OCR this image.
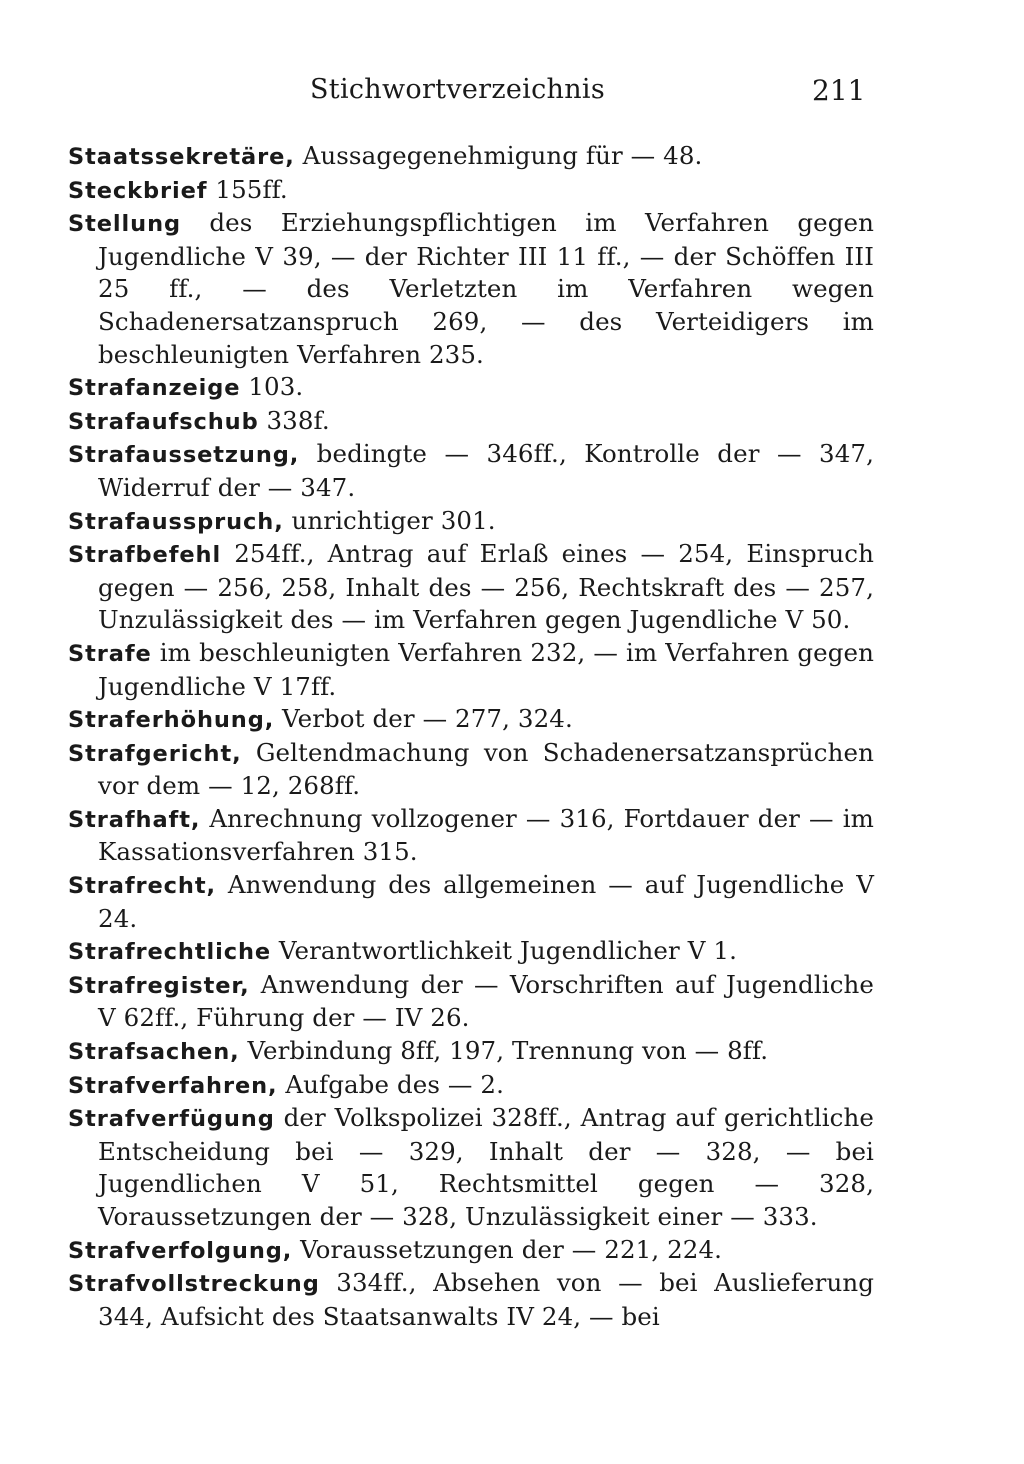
Stichwortverzeichnis	211

Staatssekretäre, Aussagegenehmigung für — 48.

Steckbrief 155ff.

Stellung des Erziehungspflichtigen im Verfahren gegen Jugendliche V 39, — der Richter III 11 ff., — der Schöffen III 25 ff., — des Verletzten im Verfahren wegen Schadenersatzanspruch 269, — des Verteidigers im beschleunigten Verfahren 235.

Strafanzeige 103.

Strafaufschub 338f.

Strafaussetzung, bedingte — 346ff., Kontrolle der — 347, Widerruf der — 347.

Strafausspruch, unrichtiger 301.

Strafbefehl 254ff., Antrag auf Erlaß eines — 254, Einspruch gegen — 256, 258, Inhalt des — 256, Rechtskraft des — 257, Unzulässigkeit des — im Verfahren gegen Jugendliche V 50.

Strafe im beschleunigten Verfahren 232, — im Verfahren gegen Jugendliche V 17ff.

Straferhöhung, Verbot der — 277, 324.

Strafgericht, Geltendmachung von Schadenersatzansprüchen vor dem — 12, 268ff.

Strafhaft, Anrechnung vollzogener — 316, Fortdauer der — im Kassationsverfahren 315.

Strafrecht, Anwendung des allgemeinen — auf Jugendliche V 24.

Strafrechtliche Verantwortlichkeit Jugendlicher V 1.

Strafregister, Anwendung der — Vorschriften auf Jugendliche V 62ff., Führung der — IV 26.

Strafsachen, Verbindung 8ff, 197, Trennung von — 8ff.

Strafverfahren, Aufgabe des — 2.

Strafverfügung der Volkspolizei 328ff., Antrag auf gerichtliche Entscheidung bei — 329, Inhalt der — 328, — bei Jugendlichen V 51, Rechtsmittel gegen — 328, Voraussetzungen der — 328, Unzulässigkeit einer — 333.

Strafverfolgung, Voraussetzungen der — 221, 224.

Strafvollstreckung 334ff., Absehen von — bei Auslieferung 344, Aufsicht des Staatsanwalts IV 24, — bei
